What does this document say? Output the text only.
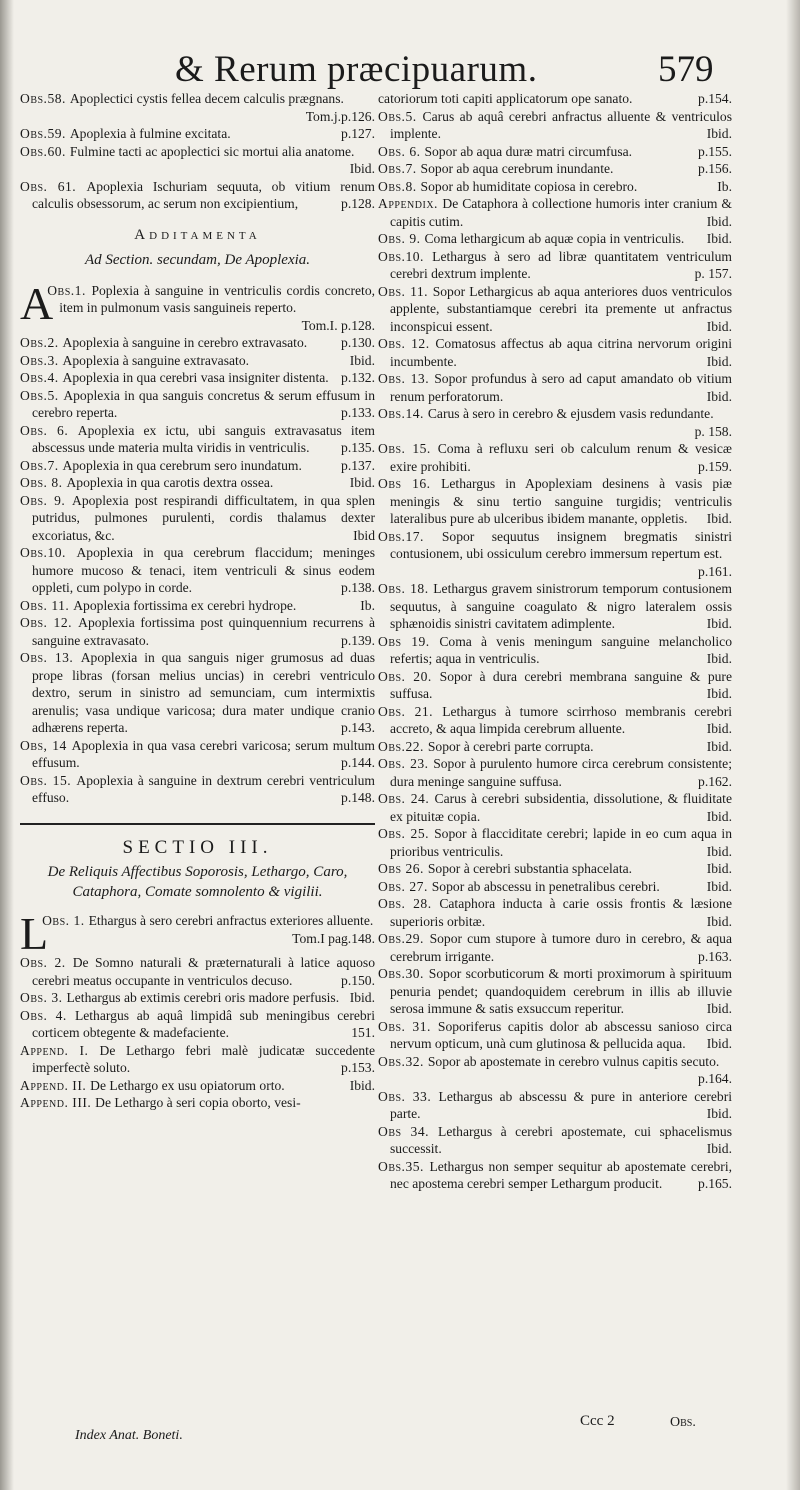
& Rerum præcipuarum.	579

Obs.58. Apoplectici cystis fellea decem calculis prægnans.
Tom.j.p.126.

Obs.59. Apoplexia à fulmine excitata.	p.127.

Obs.60. Fulmine tacti ac apoplectici sic mortui alia anatome.
Ibid.

Obs. 61. Apoplexia Ischuriam sequuta, ob vitium renum calculis obsessorum, ac serum non excipientium,	p.128.

Additamenta
Ad Section. secundam, De Apoplexia.

Obs.1.
A	Poplexia à sanguine in ventriculis cordis concreto, item in pulmonum vasis sanguineis reperto.
Tom.I. p.128.

Obs.2. Apoplexia à sanguine in cerebro extravasato.	p.130.

Obs.3. Apoplexia à sanguine extravasato.	Ibid.

Obs.4. Apoplexia in qua cerebri vasa insigniter distenta. p.132.

Obs.5. Apoplexia in qua sanguis concretus & serum effusum in cerebro reperta.	p.133.

Obs. 6. Apoplexia ex ictu, ubi sanguis extravasatus item abscessus unde materia multa viridis in ventriculis.	p.135.

Obs.7. Apoplexia in qua cerebrum sero inundatum.	p.137.

Obs. 8. Apoplexia in qua carotis dextra ossea.	Ibid.

Obs. 9. Apoplexia post respirandi difficultatem, in qua splen putridus, pulmones purulenti, cordis thalamus dexter excoriatus, &c.	Ibid

Obs.10. Apoplexia in qua cerebrum flaccidum; meninges humore mucoso & tenaci, item ventriculi & sinus eodem oppleti, cum polypo in corde.	p.138.

Obs. 11. Apoplexia fortissima ex cerebri hydrope.	Ib.

Obs. 12. Apoplexia fortissima post quinquennium recurrens à sanguine extravasato.	p.139.

Obs. 13. Apoplexia in qua sanguis niger grumosus ad duas prope libras (forsan melius uncias) in cerebri ventriculo dextro, serum in sinistro ad semunciam, cum intermixtis arenulis; vasa undique varicosa; dura mater undique cranio adhærens reperta.	p.143.

Obs, 14 Apoplexia in qua vasa cerebri varicosa; serum multum effusum.	p.144.

Obs. 15. Apoplexia à sanguine in dextrum cerebri ventriculum effuso.	p.148.

SECTIO III.
De Reliquis Affectibus Soporosis, Lethargo, Caro, Cataphora, Comate somnolento & vigilii.

Obs. 1.
L	Ethargus à sero cerebri anfractus exteriores alluente.
Tom.I pag.148.

Obs. 2. De Somno naturali & præternaturali à latice aquoso cerebri meatus occupante in ventriculos decuso.	p.150.

Obs. 3. Lethargus ab extimis cerebri oris madore perfusis. Ibid.

Obs. 4. Lethargus ab aquâ limpidâ sub meningibus cerebri corticem obtegente & madefaciente.	151.

Append. I. De Lethargo febri malè judicatæ succedente imperfectè soluto.	p.153.

Append. II. De Lethargo ex usu opiatorum orto.	Ibid.

Append. III. De Lethargo à seri copia oborto, vesi-

catoriorum toti capiti applicatorum ope sanato.	p.154.

Obs.5. Carus ab aquâ cerebri anfractus alluente & ventriculos implente.	Ibid.

Obs. 6. Sopor ab aqua duræ matri circumfusa.	p.155.

Obs.7. Sopor ab aqua cerebrum inundante.	p.156.

Obs.8. Sopor ab humiditate copiosa in cerebro.	Ib.

Appendix. De Cataphora à collectione humoris inter cranium & capitis cutim.	Ibid.

Obs. 9. Coma lethargicum ab aquæ copia in ventriculis.	Ibid.

Obs.10. Lethargus à sero ad libræ quantitatem ventriculum cerebri dextrum implente.	p. 157.

Obs. 11. Sopor Lethargicus ab aqua anteriores duos ventriculos applente, substantiamque cerebri ita premente ut anfractus inconspicui essent.	Ibid.

Obs. 12. Comatosus affectus ab aqua citrina nervorum origini incumbente.	Ibid.

Obs. 13. Sopor profundus à sero ad caput amandato ob vitium renum perforatorum.	Ibid.

Obs.14. Carus à sero in cerebro & ejusdem vasis redundante.
p. 158.

Obs. 15. Coma à refluxu seri ob calculum renum & vesicæ exire prohibiti.	p.159.

Obs 16. Lethargus in Apoplexiam desinens à vasis piæ meningis & sinu tertio sanguine turgidis; ventriculis lateralibus pure ab ulceribus ibidem manante, oppletis.	Ibid.

Obs.17. Sopor sequutus insignem bregmatis sinistri contusionem, ubi ossiculum cerebro immersum repertum est.
p.161.

Obs. 18. Lethargus gravem sinistrorum temporum contusionem sequutus, à sanguine coagulato & nigro lateralem ossis sphænoidis sinistri cavitatem adimplente.	Ibid.

Obs 19. Coma à venis meningum sanguine melancholico refertis; aqua in ventriculis.	Ibid.

Obs. 20. Sopor à dura cerebri membrana sanguine & pure suffusa.	Ibid.

Obs. 21. Lethargus à tumore scirrhoso membranis cerebri accreto, & aqua limpida cerebrum alluente.	Ibid.

Obs.22. Sopor à cerebri parte corrupta.	Ibid.

Obs. 23. Sopor à purulento humore circa cerebrum consistente; dura meninge sanguine suffusa.	p.162.

Obs. 24. Carus à cerebri subsidentia, dissolutione, & fluiditate ex pituitæ copia.	Ibid.

Obs. 25. Sopor à flacciditate cerebri; lapide in eo cum aqua in prioribus ventriculis.	Ibid.

Obs 26. Sopor à cerebri substantia sphacelata.	Ibid.

Obs. 27. Sopor ab abscessu in penetralibus cerebri.	Ibid.

Obs. 28. Cataphora inducta à carie ossis frontis & læsione superioris orbitæ.	Ibid.

Obs.29. Sopor cum stupore à tumore duro in cerebro, & aqua cerebrum irrigante.	p.163.

Obs.30. Sopor scorbuticorum & morti proximorum à spirituum penuria pendet; quandoquidem cerebrum in illis ab illuvie serosa immune & satis exsuccum reperitur.	Ibid.

Obs. 31. Soporiferus capitis dolor ab abscessu sanioso circa nervum opticum, unà cum glutinosa & pellucida aqua.	Ibid.

Obs.32. Sopor ab apostemate in cerebro vulnus capitis secuto.
p.164.

Obs. 33. Lethargus ab abscessu & pure in anteriore cerebri parte.	Ibid.

Obs 34. Lethargus à cerebri apostemate, cui sphacelismus successit.	Ibid.

Obs.35. Lethargus non semper sequitur ab apostemate cerebri, nec apostema cerebri semper Lethargum producit.	p.165.

Index Anat. Boneti.
Ccc 2	Obs.
